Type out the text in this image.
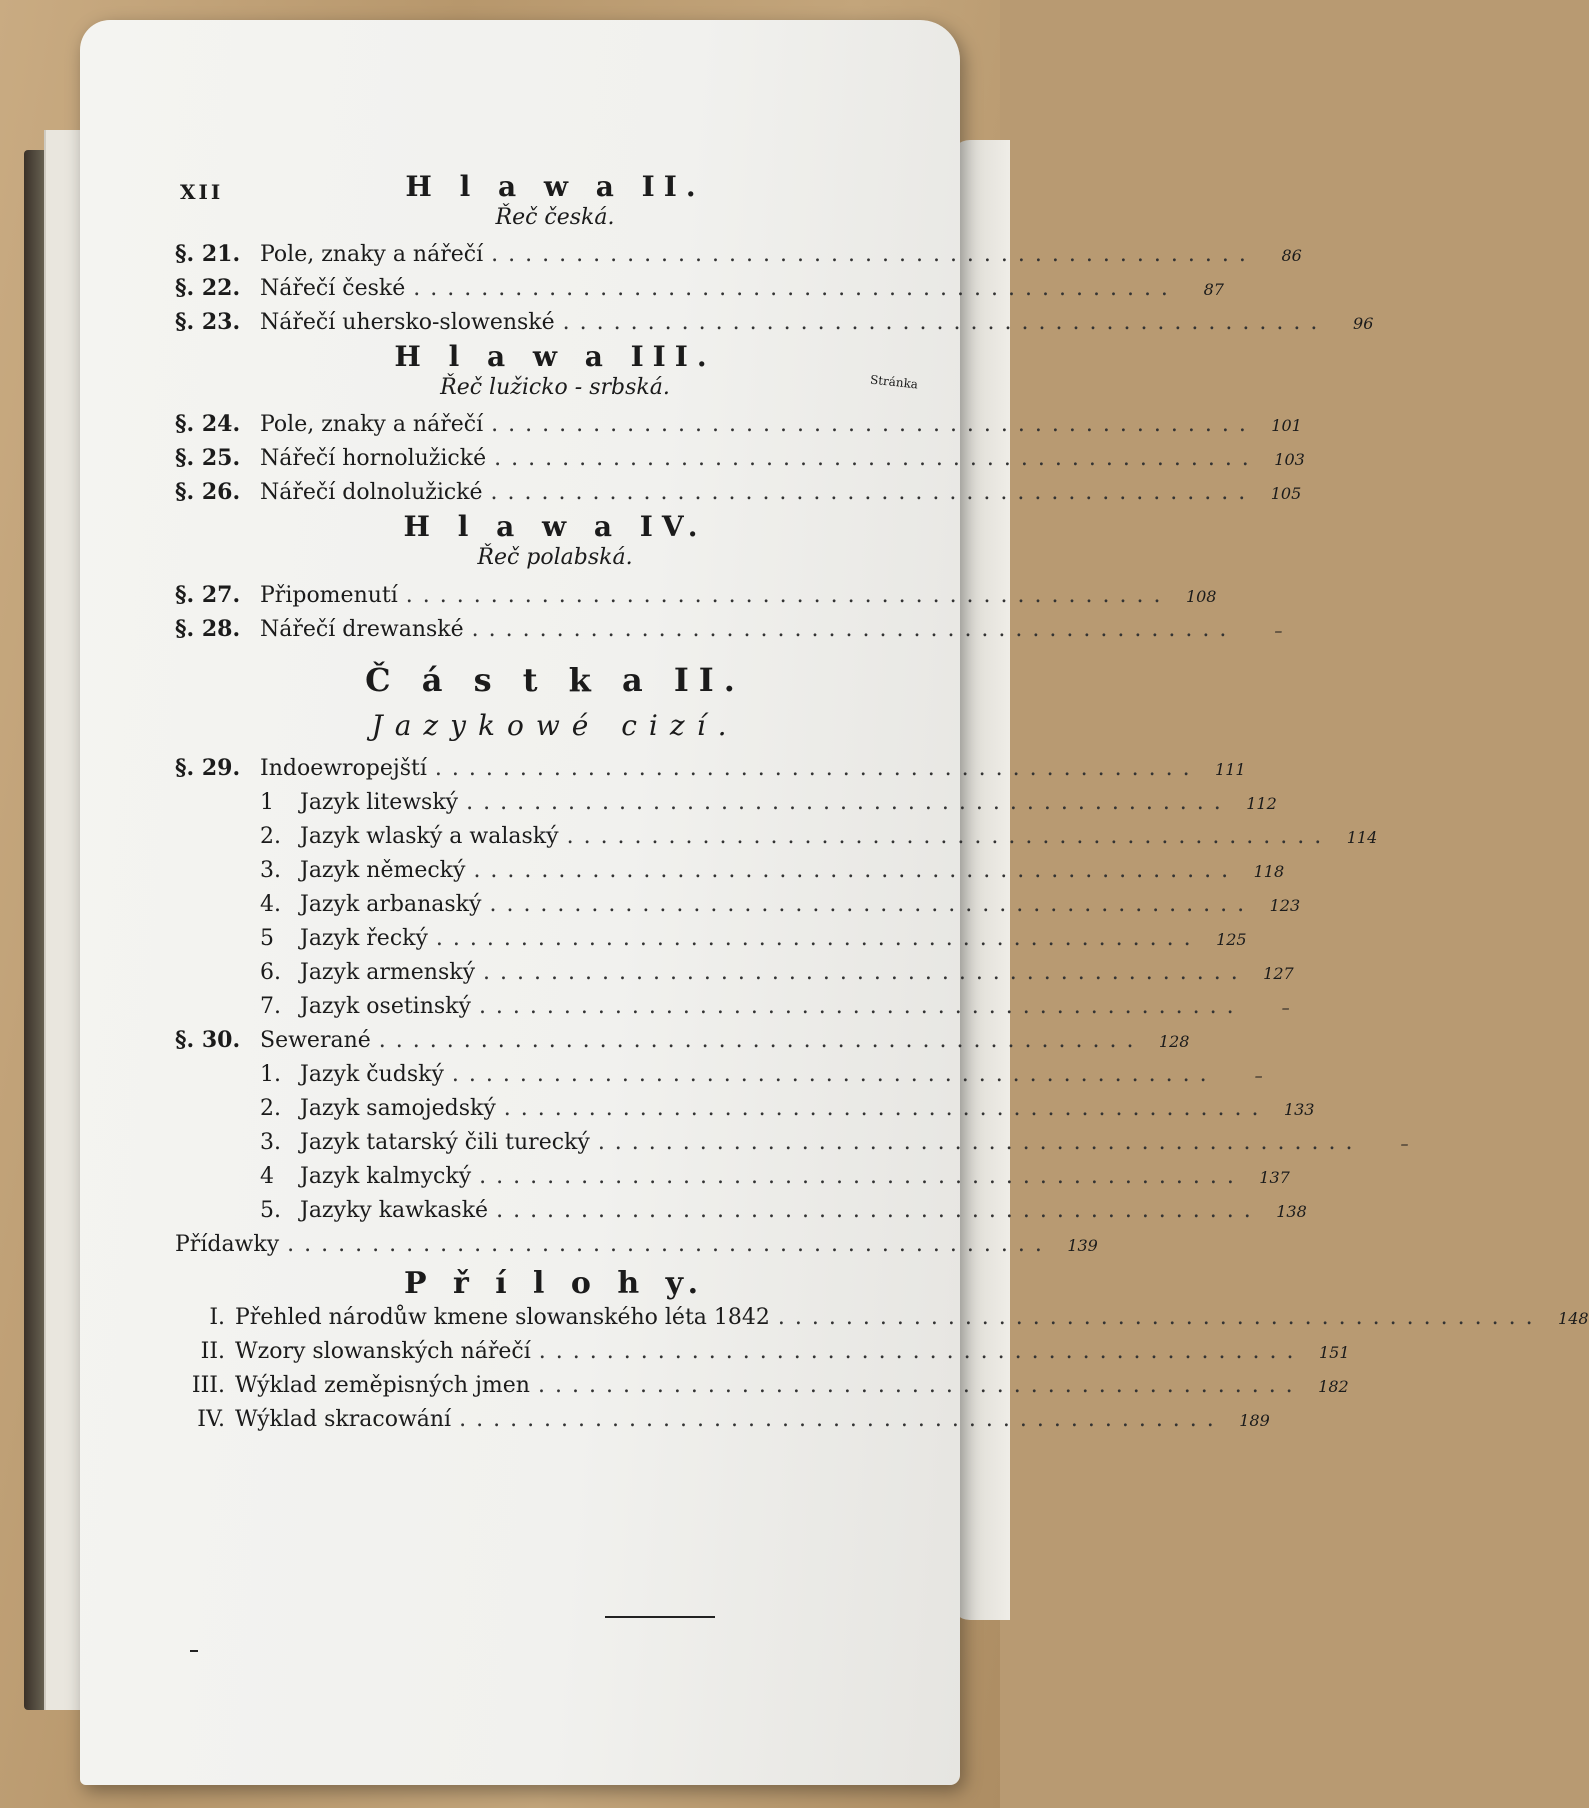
XII
Stránka
H l a w a II.
Řeč česká.
§. 21. Pole, znaky a nářečí .............................................	86
§. 22. Nářečí české .............................................	87
§. 23. Nářečí uhersko-slowenské .............................................	96
H l a w a III.
Řeč lužicko - srbská.
§. 24. Pole, znaky a nářečí ............................................. 101
§. 25. Nářečí hornolužické ............................................. 103
§. 26. Nářečí dolnolužické ............................................. 105
H l a w a IV.
Řeč polabská.
§. 27. Připomenutí ............................................. 108
§. 28. Nářečí drewanské .............................................	–
Č á s t k a II.
Jazykowé cizí.
§. 29. Indoewropejští ............................................. 111
1	Jazyk litewský ............................................. 112
2. Jazyk wlaský a walaský ............................................. 114
3. Jazyk německý ............................................. 118
4. Jazyk arbanaský ............................................. 123
5	Jazyk řecký ............................................. 125
6. Jazyk armenský ............................................. 127
7. Jazyk osetinský .............................................	–
§. 30. Sewerané ............................................. 128
1. Jazyk čudský .............................................	–
2. Jazyk samojedský ............................................. 133
3. Jazyk tatarský čili turecký .............................................	–
4	Jazyk kalmycký ............................................. 137
5. Jazyky kawkaské ............................................. 138
Přídawky ............................................. 139
P ř í l o h y.
I. Přehled národůw kmene slowanského léta 1842 ............................................. 148
II. Wzory slowanských nářečí ............................................. 151
III. Wýklad zeměpisných jmen ............................................. 182
IV. Wýklad skracowání ............................................. 189
